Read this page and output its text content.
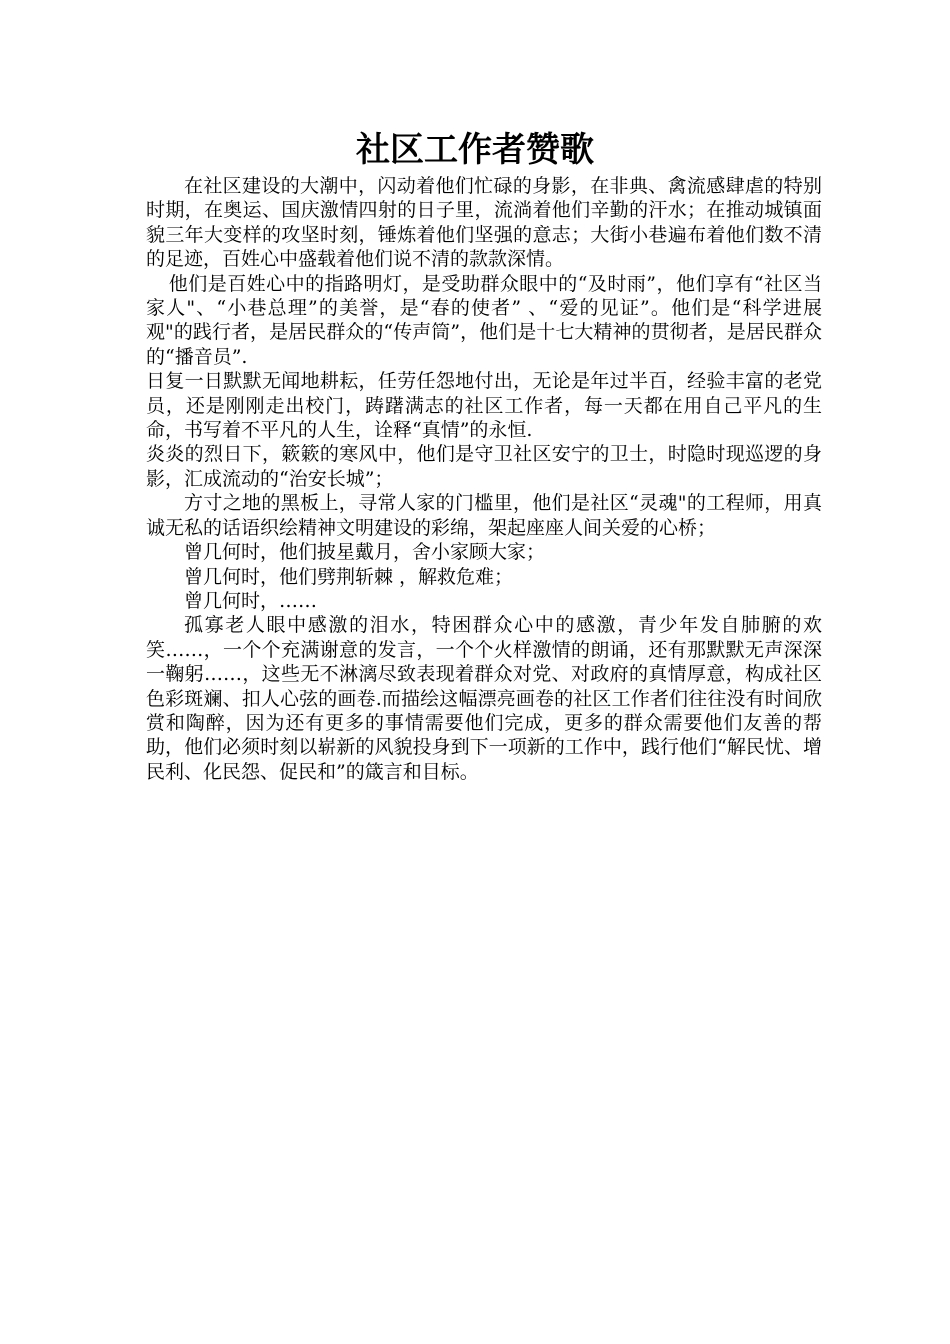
社区工作者赞歌

在社区建设的大潮中，闪动着他们忙碌的身影，在非典、禽流感肆虐的特别时期，在奥运、国庆激情四射的日子里，流淌着他们辛勤的汗水；在推动城镇面貌三年大变样的攻坚时刻，锤炼着他们坚强的意志；大街小巷遍布着他们数不清的足迹，百姓心中盛载着他们说不清的款款深情。

他们是百姓心中的指路明灯，是受助群众眼中的“及时雨”，他们享有“社区当家人"、“小巷总理”的美誉，是“春的使者” 、“爱的见证”。他们是“科学进展观"的践行者，是居民群众的“传声筒”，他们是十七大精神的贯彻者，是居民群众的“播音员”.

日复一日默默无闻地耕耘，任劳任怨地付出，无论是年过半百，经验丰富的老党员，还是刚刚走出校门，踌躇满志的社区工作者，每一天都在用自己平凡的生命，书写着不平凡的人生，诠释“真情”的永恒.

炎炎的烈日下，簌簌的寒风中，他们是守卫社区安宁的卫士，时隐时现巡逻的身影，汇成流动的“治安长城”；

方寸之地的黑板上，寻常人家的门槛里，他们是社区“灵魂"的工程师，用真诚无私的话语织绘精神文明建设的彩绵，架起座座人间关爱的心桥；

曾几何时，他们披星戴月，舍小家顾大家；

曾几何时，他们劈荆斩棘 ，解救危难；

曾几何时，……

孤寡老人眼中感激的泪水，特困群众心中的感激，青少年发自肺腑的欢笑……，一个个充满谢意的发言，一个个火样激情的朗诵，还有那默默无声深深一鞠躬……，这些无不淋漓尽致表现着群众对党、对政府的真情厚意，构成社区色彩斑斓、扣人心弦的画卷.而描绘这幅漂亮画卷的社区工作者们往往没有时间欣赏和陶醉，因为还有更多的事情需要他们完成，更多的群众需要他们友善的帮助，他们必须时刻以崭新的风貌投身到下一项新的工作中，践行他们“解民忧、增民利、化民怨、促民和”的箴言和目标。
